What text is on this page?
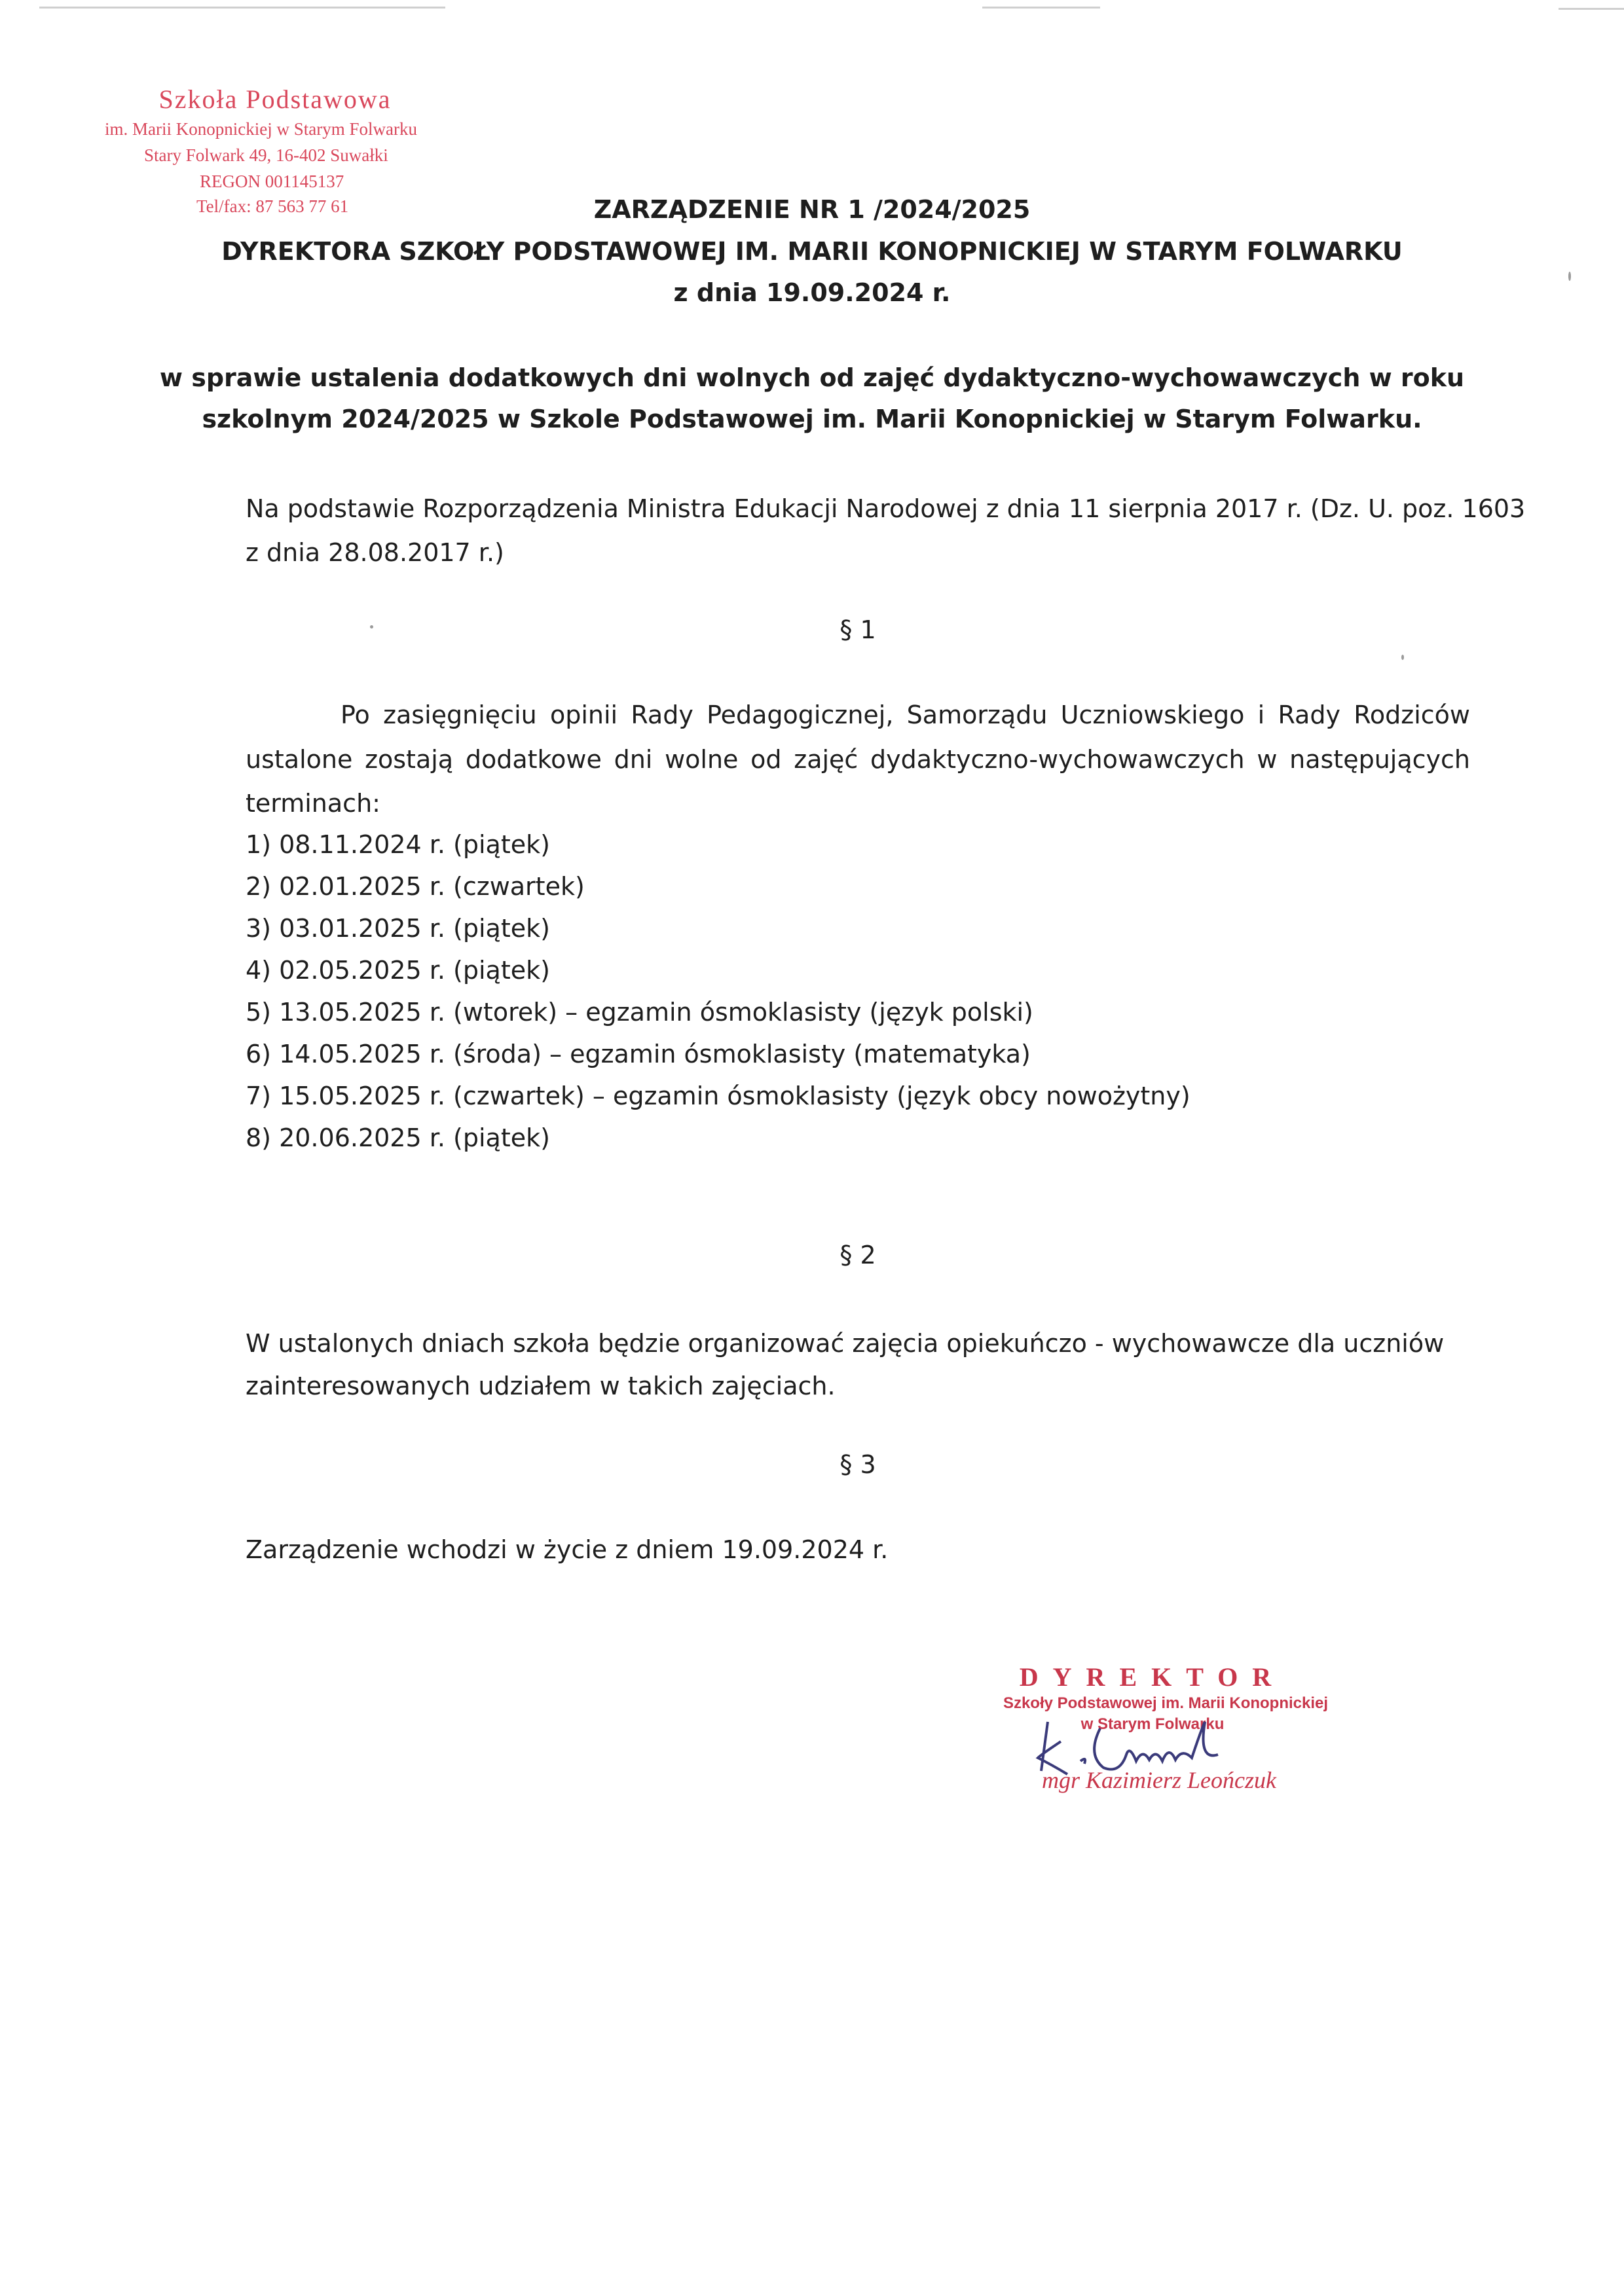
Szkoła Podstawowa
im. Marii Konopnickiej w Starym Folwarku
Stary Folwark 49, 16-402 Suwałki
REGON 001145137
Tel/fax: 87 563 77 61	ZARZĄDZENIE NR 1 /2024/2025
DYREKTORA SZKOŁY PODSTAWOWEJ IM. MARII KONOPNICKIEJ W STARYM FOLWARKU
z dnia 19.09.2024 r.
w sprawie ustalenia dodatkowych dni wolnych od zajęć dydaktyczno-wychowawczych w roku
szkolnym 2024/2025 w Szkole Podstawowej im. Marii Konopnickiej w Starym Folwarku.
Na podstawie Rozporządzenia Ministra Edukacji Narodowej z dnia 11 sierpnia 2017 r. (Dz. U. poz. 1603
z dnia 28.08.2017 r.)
§ 1
Po zasięgnięciu opinii Rady Pedagogicznej, Samorządu Uczniowskiego i Rady Rodziców
ustalone zostają dodatkowe dni wolne od zajęć dydaktyczno-wychowawczych w następujących
terminach:
1) 08.11.2024 r. (piątek)
2) 02.01.2025 r. (czwartek)
3) 03.01.2025 r. (piątek)
4) 02.05.2025 r. (piątek)
5) 13.05.2025 r. (wtorek) – egzamin ósmoklasisty (język polski)
6) 14.05.2025 r. (środa) – egzamin ósmoklasisty (matematyka)
7) 15.05.2025 r. (czwartek) – egzamin ósmoklasisty (język obcy nowożytny)
8) 20.06.2025 r. (piątek)
§ 2
W ustalonych dniach szkoła będzie organizować zajęcia opiekuńczo - wychowawcze dla uczniów
zainteresowanych udziałem w takich zajęciach.
§ 3
Zarządzenie wchodzi w życie z dniem 19.09.2024 r.
DYREKTOR
Szkoły Podstawowej im. Marii Konopnickiej
w Starym Folwarku
mgr Kazimierz Leończuk
